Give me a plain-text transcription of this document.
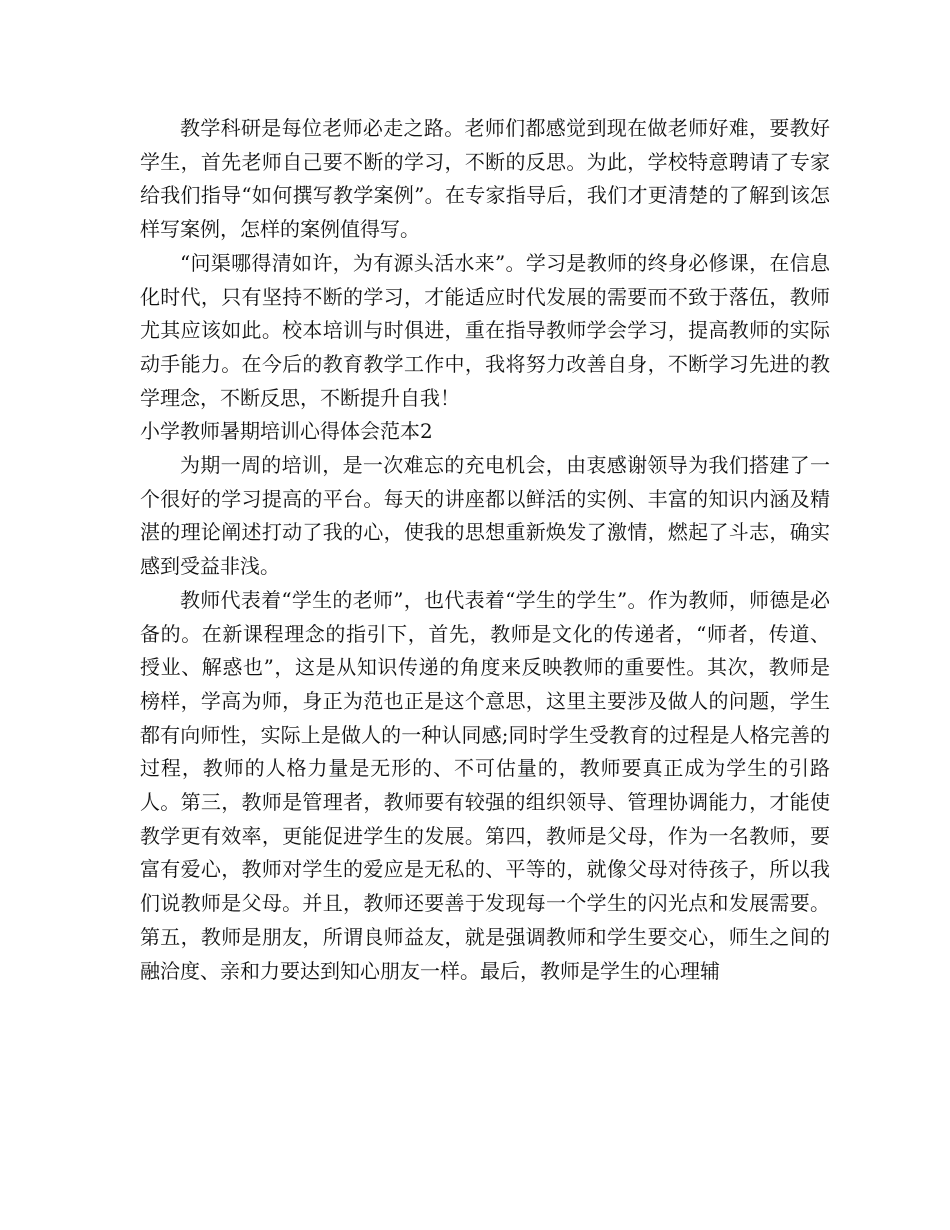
教学科研是每位老师必走之路。老师们都感觉到现在做老师好难，要教好学生，首先老师自己要不断的学习，不断的反思。为此，学校特意聘请了专家给我们指导“如何撰写教学案例”。在专家指导后，我们才更清楚的了解到该怎样写案例，怎样的案例值得写。

“问渠哪得清如许，为有源头活水来”。学习是教师的终身必修课，在信息化时代，只有坚持不断的学习，才能适应时代发展的需要而不致于落伍，教师尤其应该如此。校本培训与时俱进，重在指导教师学会学习，提高教师的实际动手能力。在今后的教育教学工作中，我将努力改善自身，不断学习先进的教学理念，不断反思，不断提升自我！

小学教师暑期培训心得体会范本2

为期一周的培训，是一次难忘的充电机会，由衷感谢领导为我们搭建了一个很好的学习提高的平台。每天的讲座都以鲜活的实例、丰富的知识内涵及精湛的理论阐述打动了我的心，使我的思想重新焕发了激情，燃起了斗志，确实感到受益非浅。

教师代表着“学生的老师”，也代表着“学生的学生”。作为教师，师德是必备的。在新课程理念的指引下，首先，教师是文化的传递者，“师者，传道、授业、解惑也”，这是从知识传递的角度来反映教师的重要性。其次，教师是榜样，学高为师，身正为范也正是这个意思，这里主要涉及做人的问题，学生都有向师性，实际上是做人的一种认同感;同时学生受教育的过程是人格完善的过程，教师的人格力量是无形的、不可估量的，教师要真正成为学生的引路人。第三，教师是管理者，教师要有较强的组织领导、管理协调能力，才能使教学更有效率，更能促进学生的发展。第四，教师是父母，作为一名教师，要富有爱心，教师对学生的爱应是无私的、平等的，就像父母对待孩子，所以我们说教师是父母。并且，教师还要善于发现每一个学生的闪光点和发展需要。第五，教师是朋友，所谓良师益友，就是强调教师和学生要交心，师生之间的融洽度、亲和力要达到知心朋友一样。最后，教师是学生的心理辅
